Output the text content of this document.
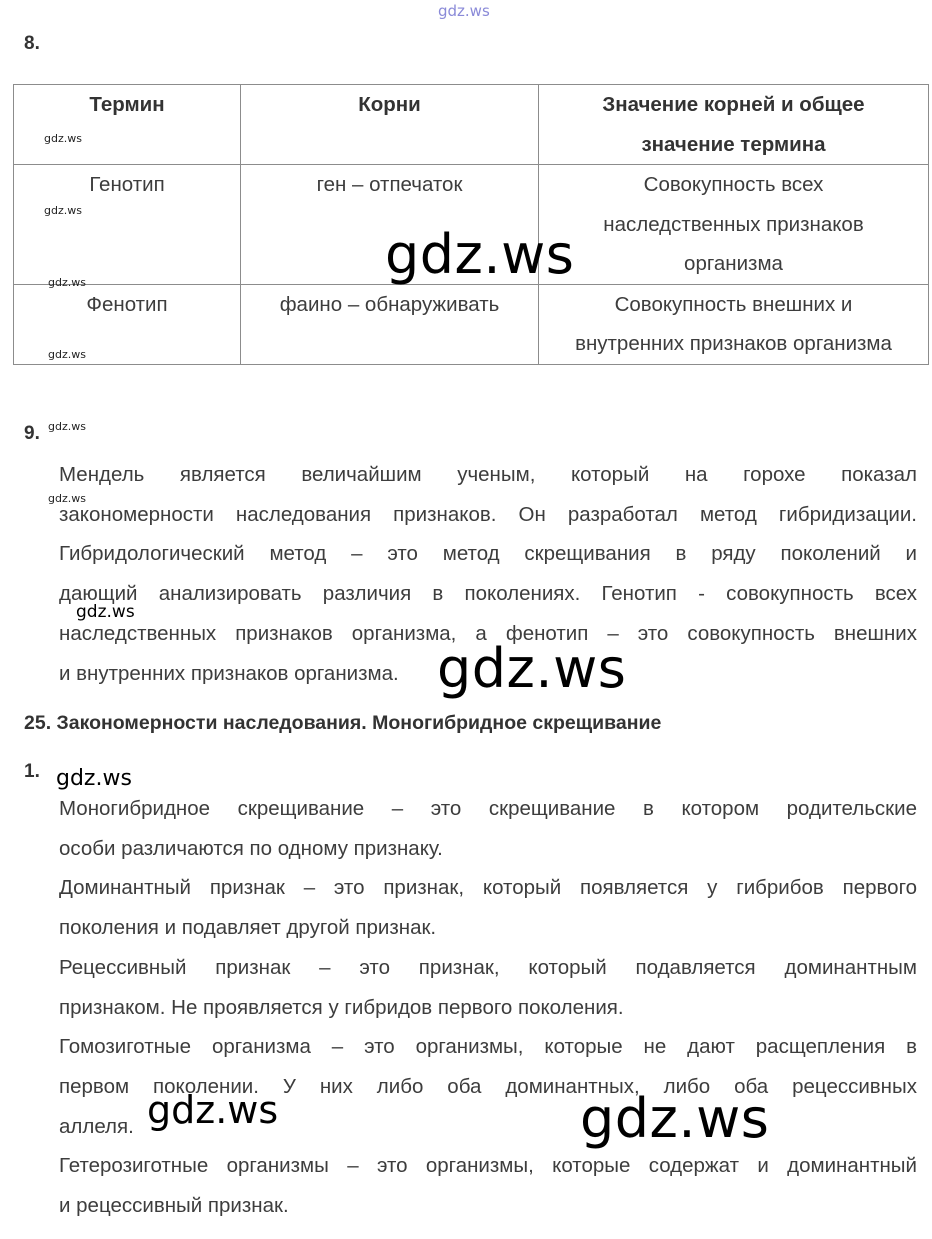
gdz.ws
8.
Термин	Корни	Значение корней и общее
значение термина

Генотип	ген – отпечаток	Совокупность всех
наследственных признаков
организма

Фенотип	фаино – обнаруживать	Совокупность внешних и
внутренних признаков организма
9.
Мендель является величайшим ученым, который на горохе показал
закономерности наследования признаков. Он разработал метод гибридизации.
Гибридологический метод – это метод скрещивания в ряду поколений и
дающий анализировать различия в поколениях. Генотип - совокупность всех
наследственных признаков организма, а фенотип – это совокупность внешних
и внутренних признаков организма.
25. Закономерности наследования. Моногибридное скрещивание
1.
Моногибридное скрещивание – это скрещивание в котором родительские
особи различаются по одному признаку.
Доминантный признак – это признак, который появляется у гибрибов первого
поколения и подавляет другой признак.
Рецессивный признак – это признак, который подавляется доминантным
признаком. Не проявляется у гибридов первого поколения.
Гомозиготные организма – это организмы, которые не дают расщепления в
первом поколении. У них либо оба доминантных, либо оба рецессивных
аллеля.
Гетерозиготные организмы – это организмы, которые содержат и доминантный
и рецессивный признак.
gdz.ws
gdz.ws
gdz.ws
gdz.ws
gdz.ws
gdz.ws
gdz.ws
gdz.ws
gdz.ws
gdz.ws
gdz.ws	gdz.ws
